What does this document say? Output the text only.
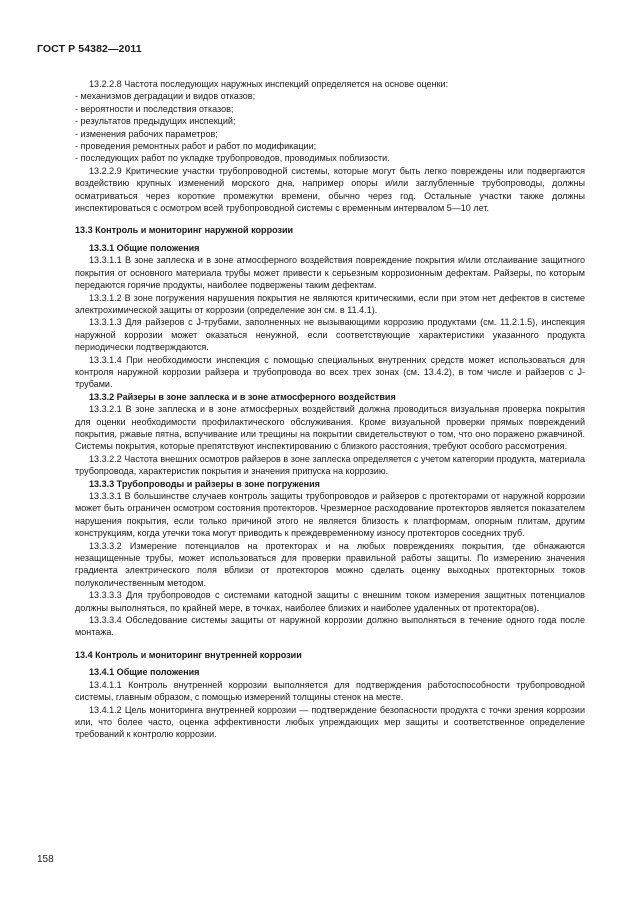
ГОСТ Р 54382—2011

13.2.2.8 Частота последующих наружных инспекций определяется на основе оценки:

- механизмов деградации и видов отказов;

- вероятности и последствия отказов;

- результатов предыдущих инспекций;

- изменения рабочих параметров;

- проведения ремонтных работ и работ по модификации;

- последующих работ по укладке трубопроводов, проводимых поблизости.

13.2.2.9 Критические участки трубопроводной системы, которые могут быть легко повреждены или подвергаются воздействию крупных изменений морского дна, например опоры и/или заглубленные трубопроводы, должны осматриваться через короткие промежутки времени, обычно через год. Остальные участки также должны инспектироваться с осмотром всей трубопроводной системы с временным интервалом 5—10 лет.

13.3 Контроль и мониторинг наружной коррозии

13.3.1 Общие положения

13.3.1.1 В зоне заплеска и в зоне атмосферного воздействия повреждение покрытия и/или отслаивание защитного покрытия от основного материала трубы может привести к серьезным коррозионным дефектам. Райзеры, по которым передаются горячие продукты, наиболее подвержены таким дефектам.

13.3.1.2 В зоне погружения нарушения покрытия не являются критическими, если при этом нет дефектов в системе электрохимической защиты от коррозии (определение зон см. в 11.4.1).

13.3.1.3 Для райзеров с J-трубами, заполненных не вызывающими коррозию продуктами (см. 11.2.1.5), инспекция наружной коррозии может оказаться ненужной, если соответствующие характеристики указанного продукта периодически подтверждаются.

13.3.1.4 При необходимости инспекция с помощью специальных внутренних средств может использоваться для контроля наружной коррозии райзера и трубопровода во всех трех зонах (см. 13.4.2), в том числе и райзеров с J-трубами.

13.3.2 Райзеры в зоне заплеска и в зоне атмосферного воздействия

13.3.2.1 В зоне заплеска и в зоне атмосферных воздействий должна проводиться визуальная проверка покрытия для оценки необходимости профилактического обслуживания. Кроме визуальной проверки прямых повреждений покрытия, ржавые пятна, вспучивание или трещины на покрытии свидетельствуют о том, что оно поражено ржавчиной. Системы покрытия, которые препятствуют инспектированию с близкого расстояния, требуют особого рассмотрения.

13.3.2.2 Частота внешних осмотров райзеров в зоне заплеска определяется с учетом категории продукта, материала трубопровода, характеристик покрытия и значения припуска на коррозию.

13.3.3 Трубопроводы и райзеры в зоне погружения

13.3.3.1 В большинстве случаев контроль защиты трубопроводов и райзеров с протекторами от наружной коррозии может быть ограничен осмотром состояния протекторов. Чрезмерное расходование протекторов является показателем нарушения покрытия, если только причиной этого не является близость к платформам, опорным плитам, другим конструкциям, когда утечки тока могут приводить к преждевременному износу протекторов соседних труб.

13.3.3.2 Измерение потенциалов на протекторах и на любых повреждениях покрытия, где обнажаются незащищенные трубы, может использоваться для проверки правильной работы защиты. По измерению значения градиента электрического поля вблизи от протекторов можно сделать оценку выходных протекторных токов полуколичественным методом.

13.3.3.3 Для трубопроводов с системами катодной защиты с внешним током измерения защитных потенциалов должны выполняться, по крайней мере, в точках, наиболее близких и наиболее удаленных от протектора(ов).

13.3.3.4 Обследование системы защиты от наружной коррозии должно выполняться в течение одного года после монтажа.

13.4 Контроль и мониторинг внутренней коррозии

13.4.1 Общие положения

13.4.1.1 Контроль внутренней коррозии выполняется для подтверждения работоспособности трубопроводной системы, главным образом, с помощью измерений толщины стенок на месте.

13.4.1.2 Цель мониторинга внутренней коррозии — подтверждение безопасности продукта с точки зрения коррозии или, что более часто, оценка эффективности любых упреждающих мер защиты и соответственное определение требований к контролю коррозии.

158
